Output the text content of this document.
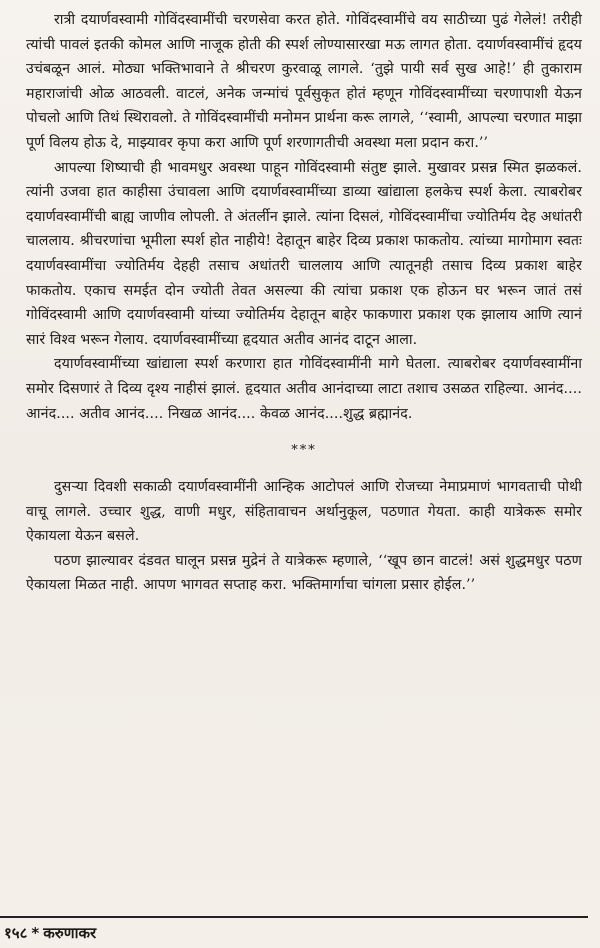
रात्री दयार्णवस्वामी गोविंदस्वामींची चरणसेवा करत होते. गोविंदस्वामींचे वय साठीच्या पुढं गेलेलं! तरीही त्यांची पावलं इतकी कोमल आणि नाजूक होती की स्पर्श लोण्यासारखा मऊ लागत होता. दयार्णवस्वामींचं हृदय उचंबळून आलं. मोठ्या भक्तिभावाने ते श्रीचरण कुरवाळू लागले. ‘तुझे पायी सर्व सुख आहे!’ ही तुकाराम महाराजांची ओळ आठवली. वाटलं, अनेक जन्मांचं पूर्वसुकृत होतं म्हणून गोविंदस्वामींच्या चरणापाशी येऊन पोचलो आणि तिथं स्थिरावलो. ते गोविंदस्वामींची मनोमन प्रार्थना करू लागले, ‘‘स्वामी, आपल्या चरणात माझा पूर्ण विलय होऊ दे, माझ्यावर कृपा करा आणि पूर्ण शरणागतीची अवस्था मला प्रदान करा.’’

आपल्या शिष्याची ही भावमधुर अवस्था पाहून गोविंदस्वामी संतुष्ट झाले. मुखावर प्रसन्न स्मित झळकलं. त्यांनी उजवा हात काहीसा उंचावला आणि दयार्णवस्वामींच्या डाव्या खांद्याला हलकेच स्पर्श केला. त्याबरोबर दयार्णवस्वामींची बाह्य जाणीव लोपली. ते अंतर्लीन झाले. त्यांना दिसलं, गोविंदस्वामींचा ज्योतिर्मय देह अधांतरी चाललाय. श्रीचरणांचा भूमीला स्पर्श होत नाहीये! देहातून बाहेर दिव्य प्रकाश फाकतोय. त्यांच्या मागोमाग स्वतः दयार्णवस्वामींचा ज्योतिर्मय देहही तसाच अधांतरी चाललाय आणि त्यातूनही तसाच दिव्य प्रकाश बाहेर फाकतोय. एकाच समईत दोन ज्योती तेवत असल्या की त्यांचा प्रकाश एक होऊन घर भरून जातं तसं गोविंदस्वामी आणि दयार्णवस्वामी यांच्या ज्योतिर्मय देहातून बाहेर फाकणारा प्रकाश एक झालाय आणि त्यानं सारं विश्व भरून गेलाय. दयार्णवस्वामींच्या हृदयात अतीव आनंद दाटून आला.

दयार्णवस्वामींच्या खांद्याला स्पर्श करणारा हात गोविंदस्वामींनी मागे घेतला. त्याबरोबर दयार्णवस्वामींना समोर दिसणारं ते दिव्य दृश्य नाहीसं झालं. हृदयात अतीव आनंदाच्या लाटा तशाच उसळत राहिल्या. आनंद.... आनंद.... अतीव आनंद.... निखळ आनंद.... केवळ आनंद....शुद्ध ब्रह्मानंद.

***

दुसऱ्या दिवशी सकाळी दयार्णवस्वामींनी आन्हिक आटोपलं आणि रोजच्या नेमाप्रमाणं भागवताची पोथी वाचू लागले. उच्चार शुद्ध, वाणी मधुर, संहितावाचन अर्थानुकूल, पठणात गेयता. काही यात्रेकरू समोर ऐकायला येऊन बसले.

पठण झाल्यावर दंडवत घालून प्रसन्न मुद्रेनं ते यात्रेकरू म्हणाले, ‘‘खूप छान वाटलं! असं शुद्धमधुर पठण ऐकायला मिळत नाही. आपण भागवत सप्ताह करा. भक्तिमार्गाचा चांगला प्रसार होईल.’’

१५८ * करुणाकर
